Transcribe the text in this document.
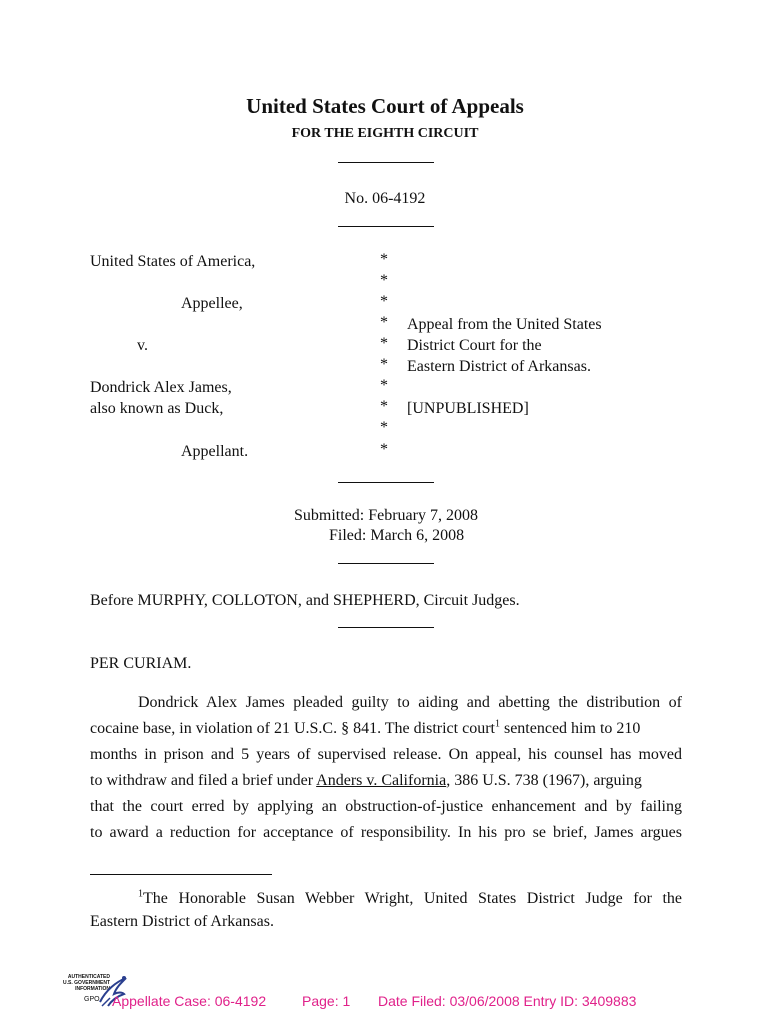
United States Court of Appeals
FOR THE EIGHTH CIRCUIT
No. 06-4192
United States of America,
Appellee,
v.
Dondrick Alex James,
also known as Duck,
Appellant.
*
*
*
*
*
*
*
*
*
*
Appeal from the United States
District Court for the
Eastern District of Arkansas.
[UNPUBLISHED]
Submitted: February 7, 2008
Filed: March 6, 2008
Before MURPHY, COLLOTON, and SHEPHERD, Circuit Judges.
PER CURIAM.
Dondrick Alex James pleaded guilty to aiding and abetting the distribution of
cocaine base, in violation of 21 U.S.C. § 841. The district court$^1$ sentenced him to 210
months in prison and 5 years of supervised release. On appeal, his counsel has moved
to withdraw and filed a brief under Anders v. California, 386 U.S. 738 (1967), arguing
that the court erred by applying an obstruction-of-justice enhancement and by failing
to award a reduction for acceptance of responsibility. In his pro se brief, James argues
$^1$The Honorable Susan Webber Wright, United States District Judge for the
Eastern District of Arkansas.
AUTHENTICATED
U.S. GOVERNMENT
INFORMATION
GPO Appellate Case: 06-4192	Page: 1 Date Filed: 03/06/2008 Entry ID: 3409883
